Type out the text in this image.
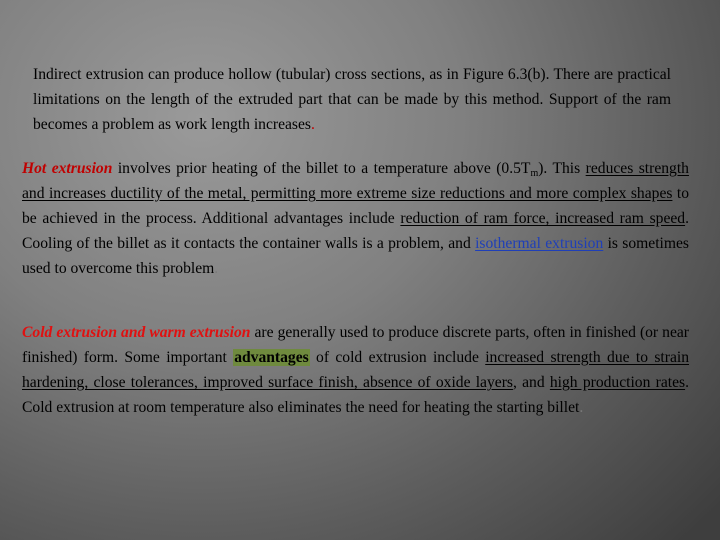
Indirect extrusion can produce hollow (tubular) cross sections, as in Figure 6.3(b). There are practical limitations on the length of the extruded part that can be made by this method. Support of the ram becomes a problem as work length increases.

Hot extrusion involves prior heating of the billet to a temperature above $(0.5T_m)$. This reduces strength and increases ductility of the metal, permitting more extreme size reductions and more complex shapes to be achieved in the process. Additional advantages include reduction of ram force, increased ram speed. Cooling of the billet as it contacts the container walls is a problem, and isothermal extrusion is sometimes used to overcome this problem.

Cold extrusion and warm extrusion are generally used to produce discrete parts, often in finished (or near finished) form. Some important advantages of cold extrusion include increased strength due to strain hardening, close tolerances, improved surface finish, absence of oxide layers, and high production rates. Cold extrusion at room temperature also eliminates the need for heating the starting billet.
